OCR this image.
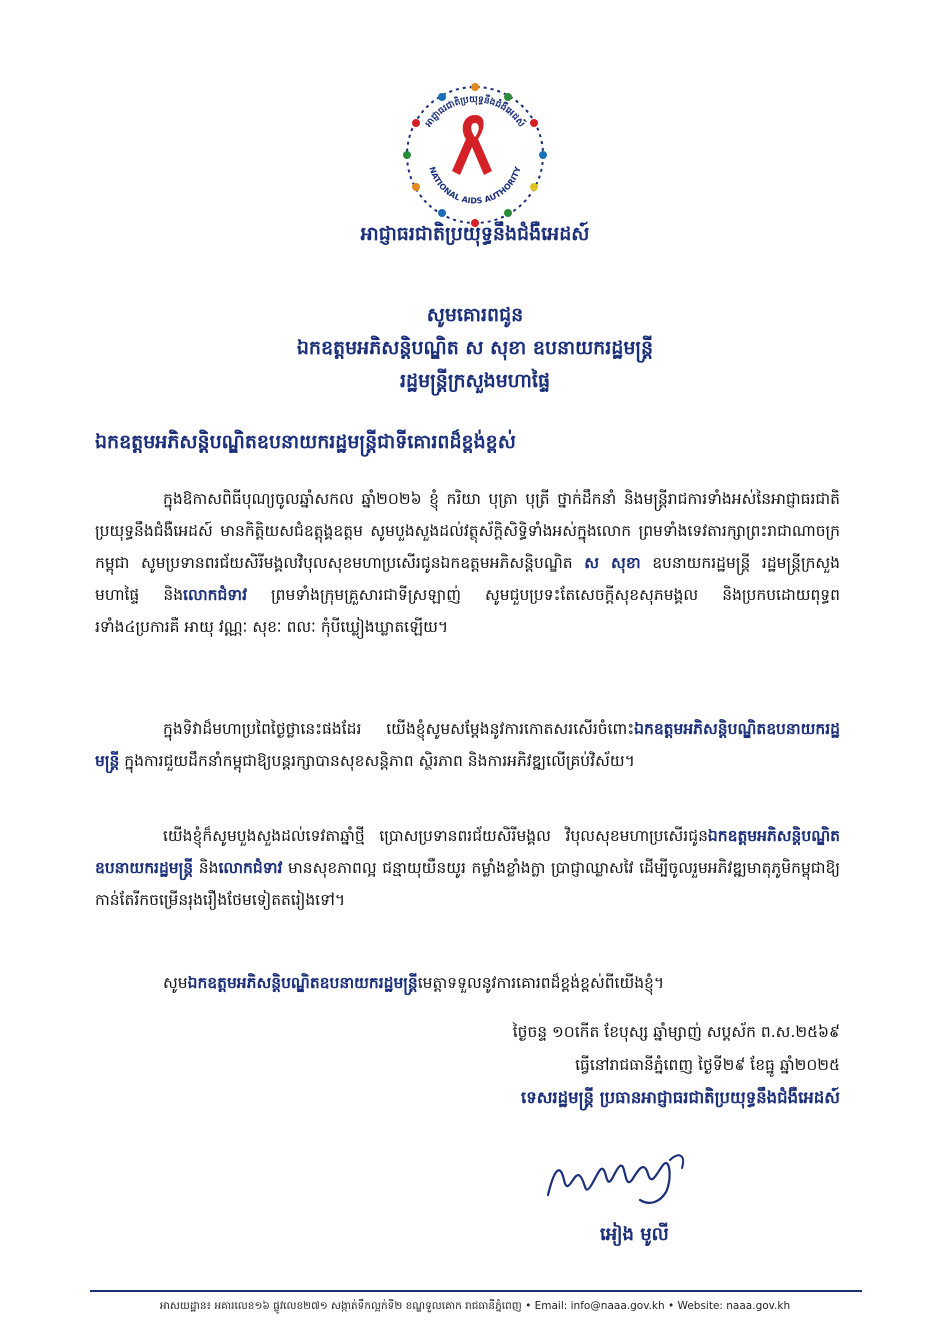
អាជ្ញាធរជាតិប្រយុទ្ធនឹងជំងឺអេដស៍
NATIONAL AIDS AUTHORITY
អាជ្ញាធរជាតិប្រយុទ្ធនឹងជំងឺអេដស៍
សូមគោរពជូន
ឯកឧត្តមអភិសន្តិបណ្ឌិត ស សុខា ឧបនាយករដ្ឋមន្ត្រី
រដ្ឋមន្ត្រីក្រសួងមហាផ្ទៃ
ឯកឧត្តមអភិសន្តិបណ្ឌិតឧបនាយករដ្ឋមន្ត្រីជាទីគោរពដ៏ខ្ពង់ខ្ពស់

ក្នុងឱកាសពិធីបុណ្យចូលឆ្នាំសកល ឆ្នាំ២០២៦ ខ្ញុំ ករិយា បុត្រា បុត្រី ថ្នាក់ដឹកនាំ និងមន្ត្រីរាជការទាំងអស់នៃអាជ្ញាធរជាតិប្រយុទ្ធនឹងជំងឺអេដស៍ មានកិត្តិយសជំឧត្តុង្គឧត្តម សូមបួងសួងដល់វត្ថុស័ក្តិសិទ្ធិទាំងអស់ក្នុងលោក ព្រមទាំងទេវតារក្សាព្រះរាជាណាចក្រកម្ពុជា សូមប្រទានពរជ័យសិរីមង្គលវិបុលសុខមហាប្រសើរជូនឯកឧត្តមអភិសន្តិបណ្ឌិត ស សុខា ឧបនាយករដ្ឋមន្ត្រី រដ្ឋមន្ត្រីក្រសួងមហាផ្ទៃ និងលោកជំទាវ ព្រមទាំងក្រុមគ្រួសារជាទីស្រឡាញ់ សូមជួបប្រទះតែសេចក្តីសុខសុភមង្គល និងប្រកបដោយពុទ្ធពរទាំង៤ប្រការគឺ អាយុ វណ្ណៈ សុខៈ ពលៈ កុំបីឃ្លៀងឃ្លាតឡើយ។

ក្នុងទិវាដ៏មហាប្រពៃថ្ងៃថ្លានេះផងដែរ យើងខ្ញុំសូមសម្តែងនូវការកោតសរសើរចំពោះឯកឧត្តមអភិសន្តិបណ្ឌិតឧបនាយករដ្ឋមន្ត្រី ក្នុងការជួយដឹកនាំកម្ពុជាឱ្យបន្តរក្សាបានសុខសន្តិភាព ស្ថិរភាព និងការអភិវឌ្ឍលើគ្រប់វិស័យ។

យើងខ្ញុំក៏សូមបួងសួងដល់ទេវតាឆ្នាំថ្មី ប្រោសប្រទានពរជ័យសិរីមង្គល វិបុលសុខមហាប្រសើរជូនឯកឧត្តមអភិសន្តិបណ្ឌិតឧបនាយករដ្ឋមន្ត្រី និងលោកជំទាវ មានសុខភាពល្អ ជន្មាយុយឺនយូរ កម្លាំងខ្លាំងក្លា ប្រាជ្ញាឈ្លាសវៃ ដើម្បីចូលរួមអភិវឌ្ឍមាតុភូមិកម្ពុជាឱ្យកាន់តែរីកចម្រើនរុងរឿងថែមទៀតតរៀងទៅ។

សូមឯកឧត្តមអភិសន្តិបណ្ឌិតឧបនាយករដ្ឋមន្ត្រីមេត្តាទទួលនូវការគោរពដ៏ខ្ពង់ខ្ពស់ពីយើងខ្ញុំ។

ថ្ងៃចន្ទ ១០កើត ខែបុស្ស ឆ្នាំម្សាញ់ សប្តស័ក ព.ស.២៥៦៩
ធ្វើនៅរាជធានីភ្នំពេញ ថ្ងៃទី២៩ ខែធ្នូ ឆ្នាំ២០២៥
ទេសរដ្ឋមន្ត្រី ប្រធានអាជ្ញាធរជាតិប្រយុទ្ធនឹងជំងឺអេដស៍
អៀង មូលី
អាសយដ្ឋាន៖ អគារលេខ១៦ ផ្លូវលេខ២៧១ សង្កាត់ទឹកល្អក់ទី២ ខណ្ឌទួលគោក រាជធានីភ្នំពេញ • Email: info@naaa.gov.kh • Website: naaa.gov.kh
